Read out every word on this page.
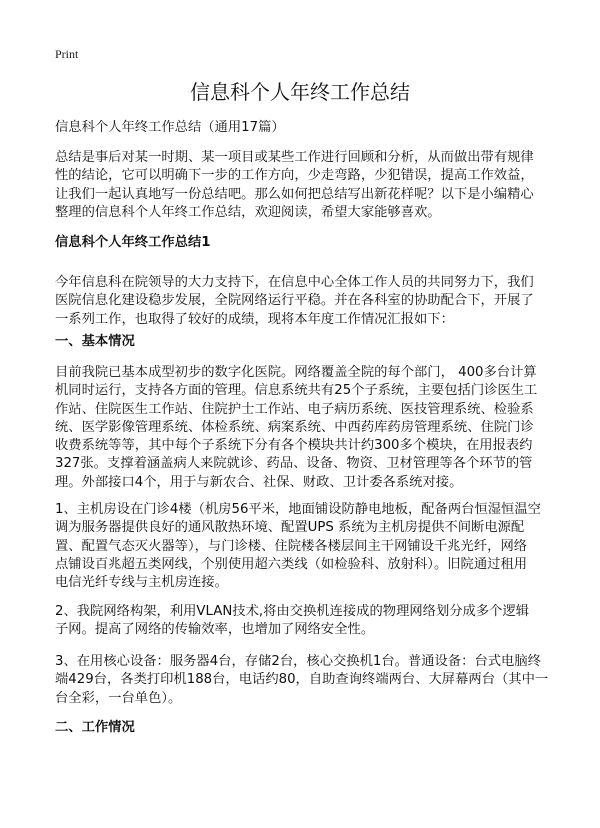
Print
信息科个人年终工作总结
信息科个人年终工作总结（通用17篇）
总结是事后对某一时期、某一项目或某些工作进行回顾和分析，从而做出带有规律
性的结论，它可以明确下一步的工作方向，少走弯路，少犯错误，提高工作效益，
让我们一起认真地写一份总结吧。那么如何把总结写出新花样呢？以下是小编精心
整理的信息科个人年终工作总结，欢迎阅读，希望大家能够喜欢。
信息科个人年终工作总结1
今年信息科在院领导的大力支持下，在信息中心全体工作人员的共同努力下，我们
医院信息化建设稳步发展，全院网络运行平稳。并在各科室的协助配合下，开展了
一系列工作，也取得了较好的成绩，现将本年度工作情况汇报如下：
一、基本情况
目前我院已基本成型初步的数字化医院。网络覆盖全院的每个部门， 400多台计算
机同时运行，支持各方面的管理。信息系统共有25个子系统，主要包括门诊医生工
作站、住院医生工作站、住院护士工作站、电子病历系统、医技管理系统、检验系
统、医学影像管理系统、体检系统、病案系统、中西药库药房管理系统、住院门诊
收费系统等等，其中每个子系统下分有各个模块共计约300多个模块，在用报表约
327张。支撑着涵盖病人来院就诊、药品、设备、物资、卫材管理等各个环节的管
理。外部接口4个，用于与新农合、社保、财政、卫计委各系统对接。
1、主机房设在门诊4楼（机房56平米，地面铺设防静电地板，配备两台恒湿恒温空
调为服务器提供良好的通风散热环境、配置UPS 系统为主机房提供不间断电源配
置、配置气态灭火器等），与门诊楼、住院楼各楼层间主干网铺设千兆光纤，网络
点铺设百兆超五类网线，个别使用超六类线（如检验科、放射科）。旧院通过租用
电信光纤专线与主机房连接。
2、我院网络构架，利用VLAN技术,将由交换机连接成的物理网络划分成多个逻辑
子网。提高了网络的传输效率，也增加了网络安全性。
3、在用核心设备：服务器4台，存储2台，核心交换机1台。普通设备：台式电脑终
端429台，各类打印机188台，电话约80，自助查询终端两台、大屏幕两台（其中一
台全彩，一台单色）。
二、工作情况
